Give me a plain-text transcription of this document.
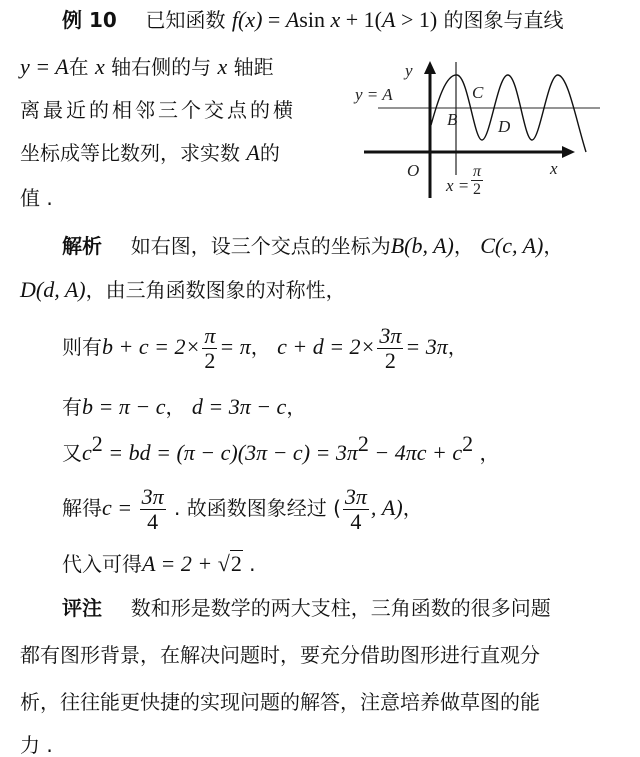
例 10 已知函数 f(x) = Asin x + 1(A > 1) 的图象与直线
y = A在 x 轴右侧的与 x 轴距
离最近的相邻三个交点的横
坐标成等比数列，求实数 A的
值 .
y
x
O
y = A
B
C
D
$x = \frac{\pi}{2}$
解析 如右图，设三个交点的坐标为B(b, A)， C(c, A)，
D(d, A)，由三角函数图象的对称性，
则有$b + c = 2\times \frac{\pi}{2} = \pi$， $c + d = 2\times \frac{3\pi}{2} = 3\pi$，
有b = π − c， d = 3π − c，
又$c^2$ = bd = $(\pi - c)(3\pi - c) = 3\pi^2 - 4\pi c + c^2$ ，
解得$c = \frac{3\pi}{4}$ . 故函数图象经过 ( $\frac{3\pi}{4}$ , A)，
代入可得A = 2 + √2 .
评注 数和形是数学的两大支柱，三角函数的很多问题
都有图形背景，在解决问题时，要充分借助图形进行直观分
析，往往能更快捷的实现问题的解答，注意培养做草图的能
力 .
